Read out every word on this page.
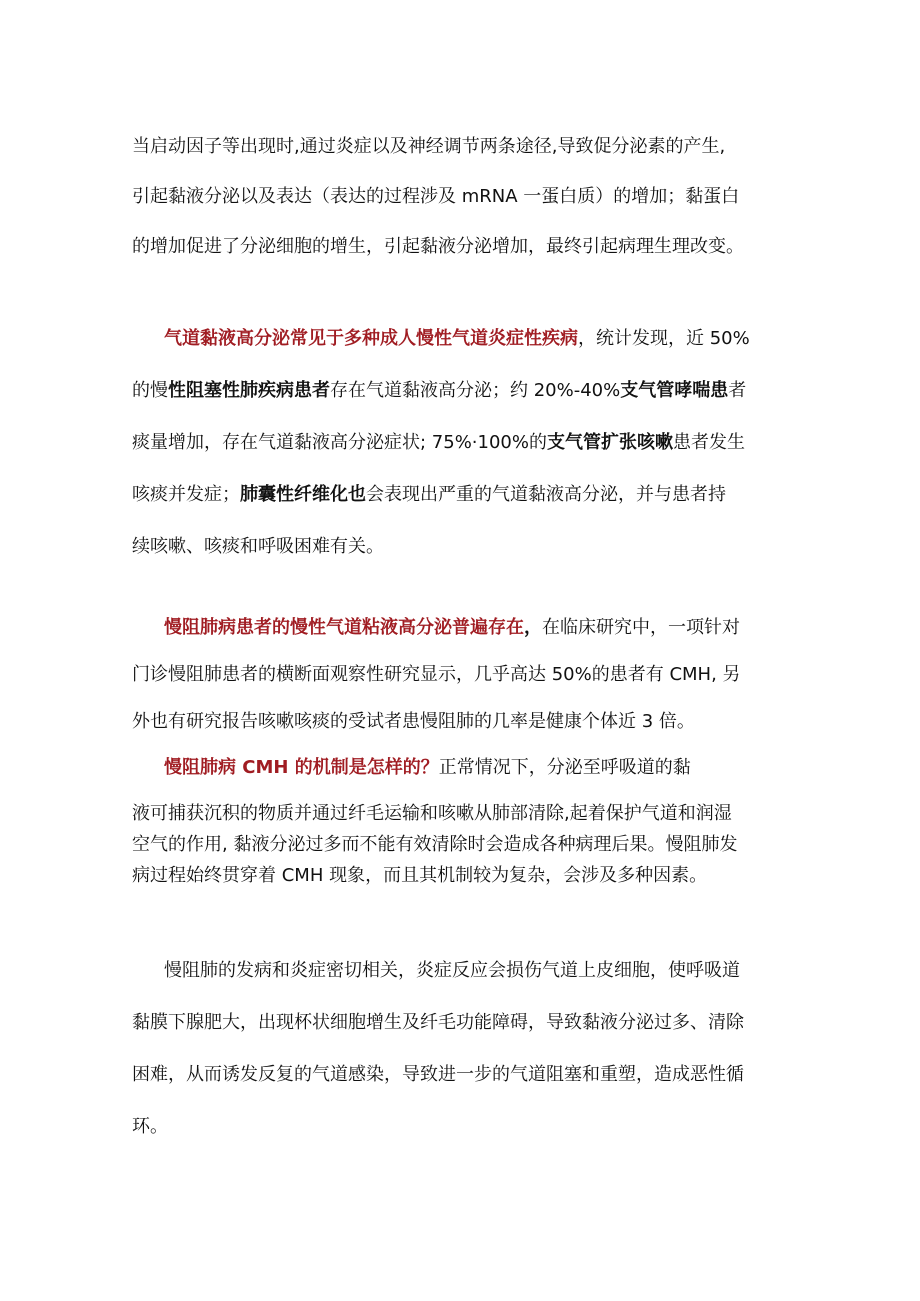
当启动因子等出现时,通过炎症以及神经调节两条途径,导致促分泌素的产生,
引起黏液分泌以及表达（表达的过程涉及 mRNA 一蛋白质）的增加；黏蛋白
的增加促进了分泌细胞的增生，引起黏液分泌增加，最终引起病理生理改变。
气道黏液高分泌常见于多种成人慢性气道炎症性疾病，统计发现，近 50%
的慢性阻塞性肺疾病患者存在气道黏液高分泌；约 20%-40%支气管哮喘患者
痰量增加，存在气道黏液高分泌症状; 75%·100%的支气管扩张咳嗽患者发生
咳痰并发症；肺囊性纤维化也会表现出严重的气道黏液高分泌，并与患者持
续咳嗽、咳痰和呼吸困难有关。
慢阻肺病患者的慢性气道粘液高分泌普遍存在，在临床研究中，一项针对
门诊慢阻肺患者的横断面观察性研究显示，几乎高达 50%的患者有 CMH, 另
外也有研究报告咳嗽咳痰的受试者患慢阻肺的几率是健康个体近 3 倍。
慢阻肺病 CMH 的机制是怎样的？正常情况下，分泌至呼吸道的黏
液可捕获沉积的物质并通过纤毛运输和咳嗽从肺部清除,起着保护气道和润湿
空气的作用, 黏液分泌过多而不能有效清除时会造成各种病理后果。慢阻肺发
病过程始终贯穿着 CMH 现象，而且其机制较为复杂，会涉及多种因素。
慢阻肺的发病和炎症密切相关，炎症反应会损伤气道上皮细胞，使呼吸道
黏膜下腺肥大，出现杯状细胞增生及纤毛功能障碍，导致黏液分泌过多、清除
困难，从而诱发反复的气道感染，导致进一步的气道阻塞和重塑，造成恶性循
环。
